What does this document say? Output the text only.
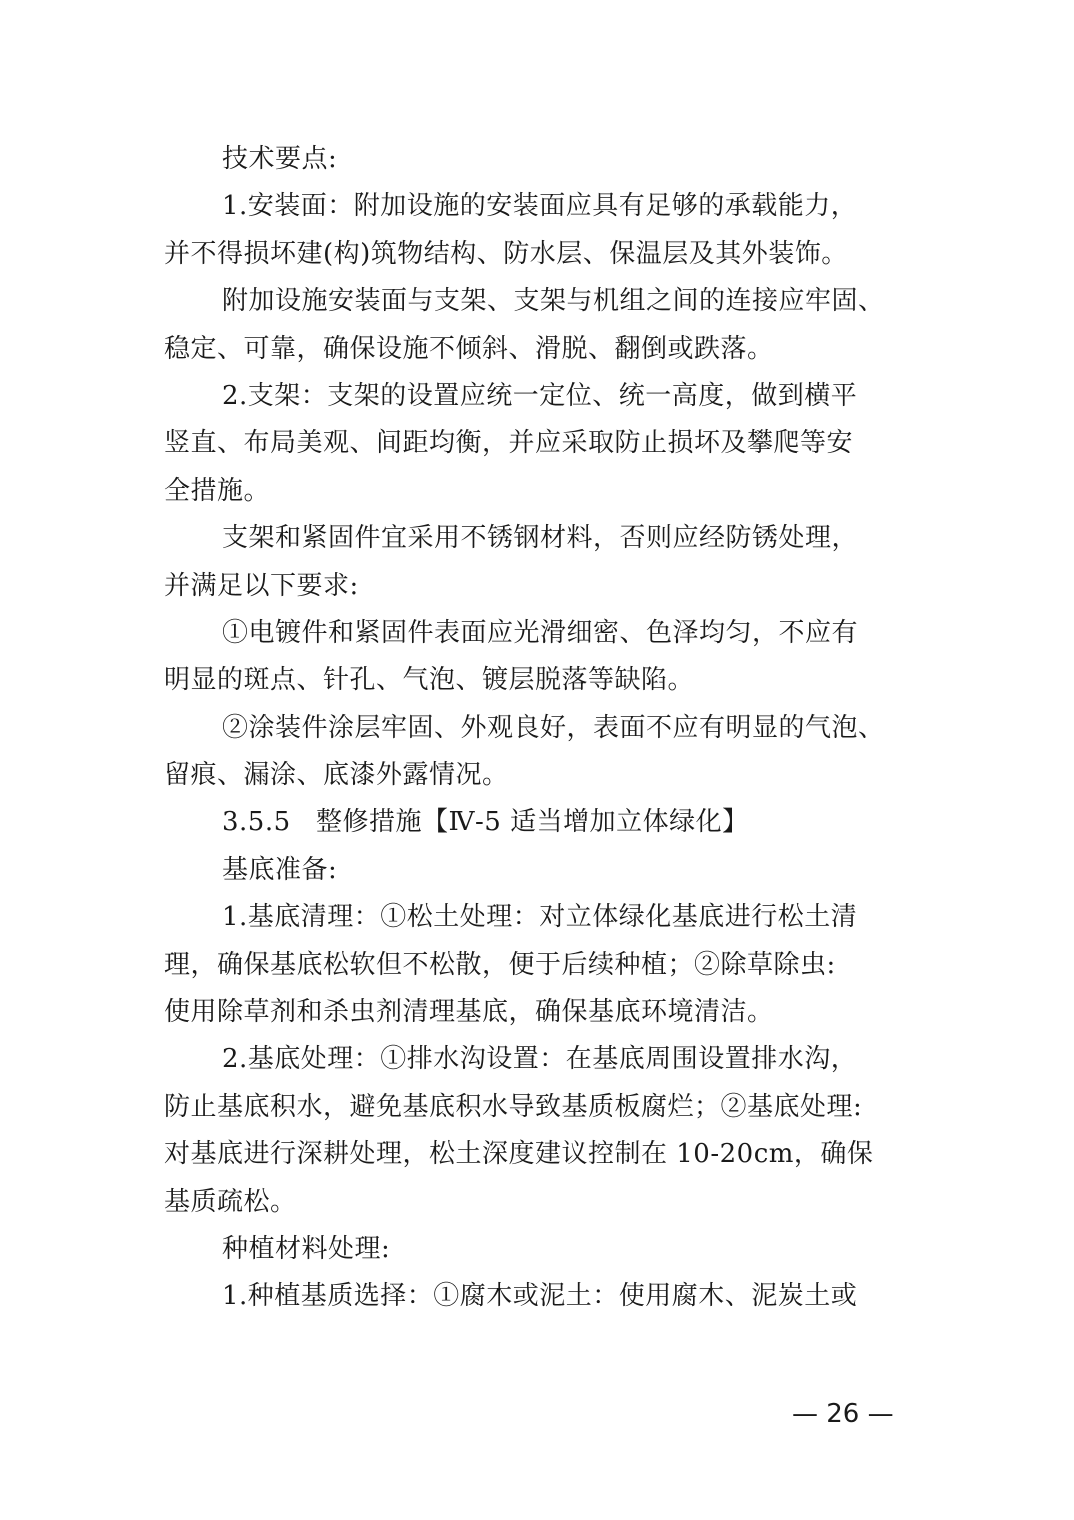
技术要点:
1.安装面：附加设施的安装面应具有足够的承载能力，
并不得损坏建(构)筑物结构、防水层、保温层及其外装饰。
附加设施安装面与支架、支架与机组之间的连接应牢固、
稳定、可靠，确保设施不倾斜、滑脱、翻倒或跌落。
2.支架：支架的设置应统一定位、统一高度，做到横平
竖直、布局美观、间距均衡，并应采取防止损坏及攀爬等安
全措施。
支架和紧固件宜采用不锈钢材料，否则应经防锈处理，
并满足以下要求:
①电镀件和紧固件表面应光滑细密、色泽均匀，不应有
明显的斑点、针孔、气泡、镀层脱落等缺陷。
②涂装件涂层牢固、外观良好，表面不应有明显的气泡、
留痕、漏涂、底漆外露情况。
3.5.5 整修措施【Ⅳ-5 适当增加立体绿化】
基底准备:
1.基底清理：①松土处理：对立体绿化基底进行松土清
理，确保基底松软但不松散，便于后续种植；②除草除虫:
使用除草剂和杀虫剂清理基底，确保基底环境清洁。
2.基底处理：①排水沟设置：在基底周围设置排水沟，
防止基底积水，避免基底积水导致基质板腐烂；②基底处理:
对基底进行深耕处理，松土深度建议控制在 10-20cm，确保
基质疏松。
种植材料处理:
1.种植基质选择：①腐木或泥土：使用腐木、泥炭土或
— 26 —
